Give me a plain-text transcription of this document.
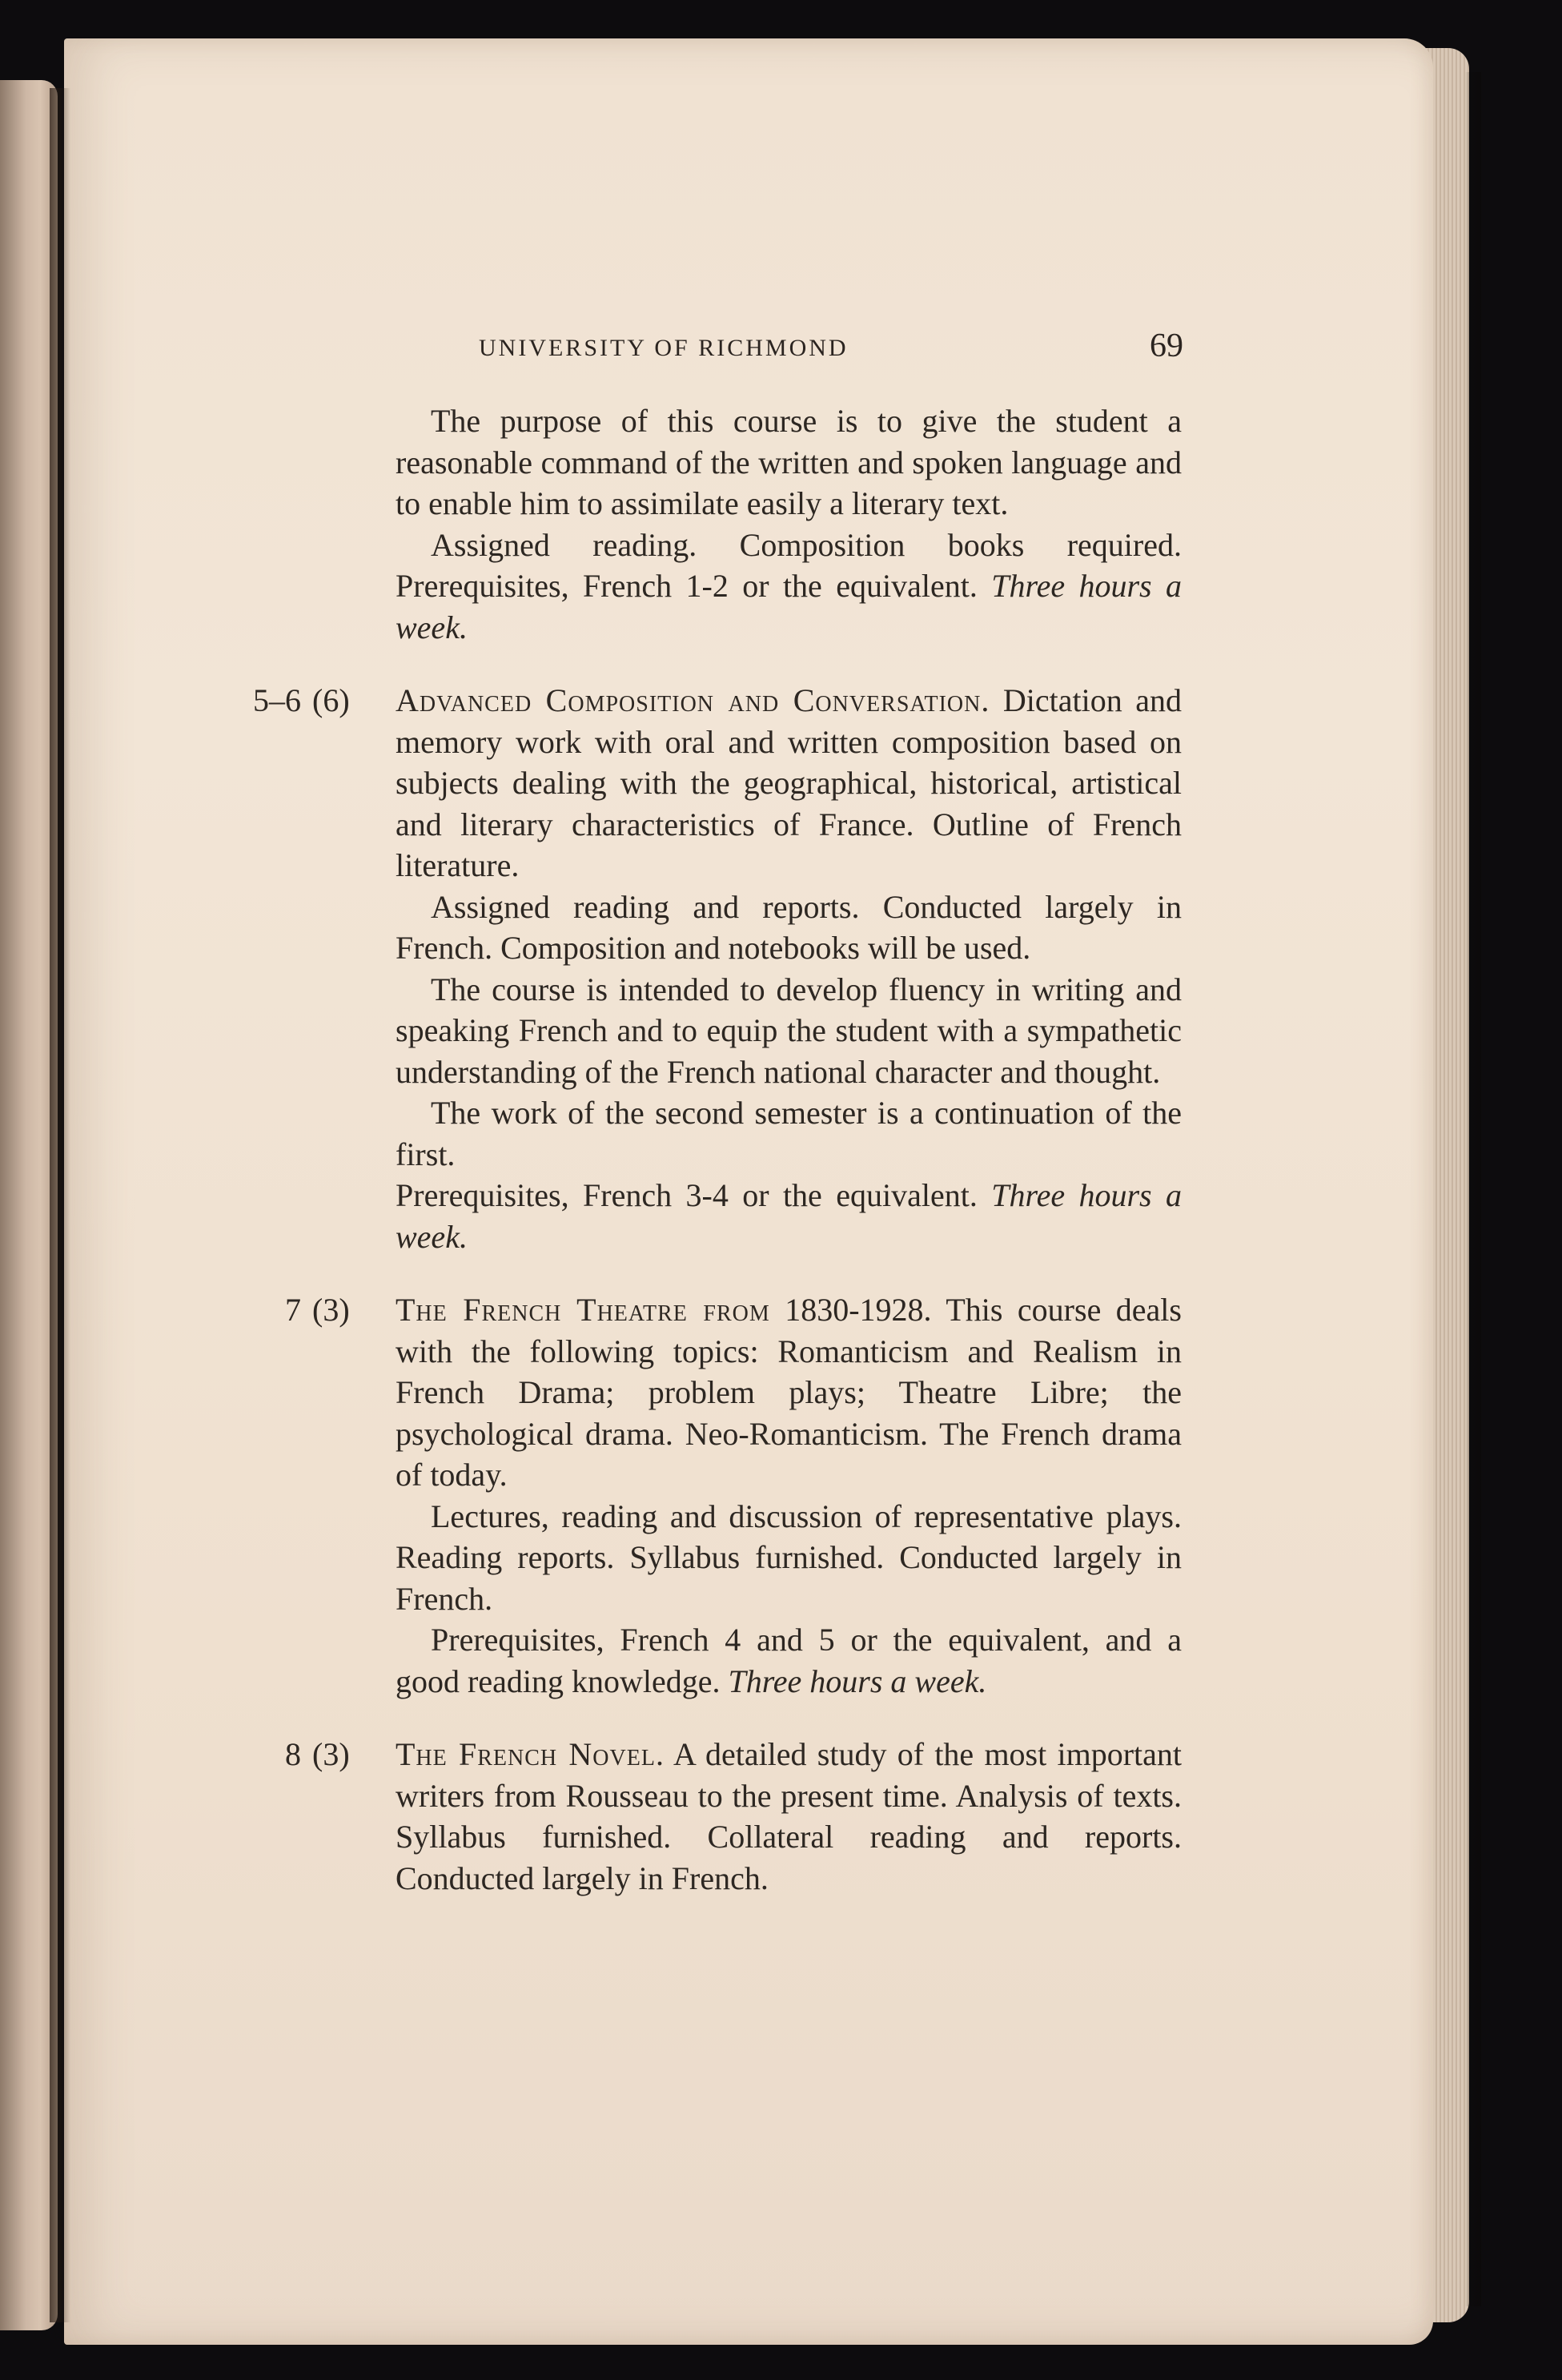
UNIVERSITY OF RICHMOND	69

The purpose of this course is to give the student a reasonable command of the written and spoken language and to enable him to assimilate easily a literary text.

Assigned reading. Composition books required. Prerequisites, French 1-2 or the equivalent. Three hours a week.

5–6 (6) Advanced Composition and Conversation. Dictation and memory work with oral and written composition based on subjects dealing with the geographical, historical, artistical and literary characteristics of France. Outline of French literature.

Assigned reading and reports. Conducted largely in French. Composition and notebooks will be used.

The course is intended to develop fluency in writing and speaking French and to equip the student with a sympathetic understanding of the French national character and thought.

The work of the second semester is a continuation of the first.

Prerequisites, French 3-4 or the equivalent. Three hours a week.

7 (3) The French Theatre from 1830-1928. This course deals with the following topics: Romanticism and Realism in French Drama; problem plays; Theatre Libre; the psychological drama. Neo-Romanticism. The French drama of today.

Lectures, reading and discussion of representative plays. Reading reports. Syllabus furnished. Conducted largely in French.

Prerequisites, French 4 and 5 or the equivalent, and a good reading knowledge. Three hours a week.

8 (3) The French Novel. A detailed study of the most important writers from Rousseau to the present time. Analysis of texts. Syllabus furnished. Collateral reading and reports. Conducted largely in French.
